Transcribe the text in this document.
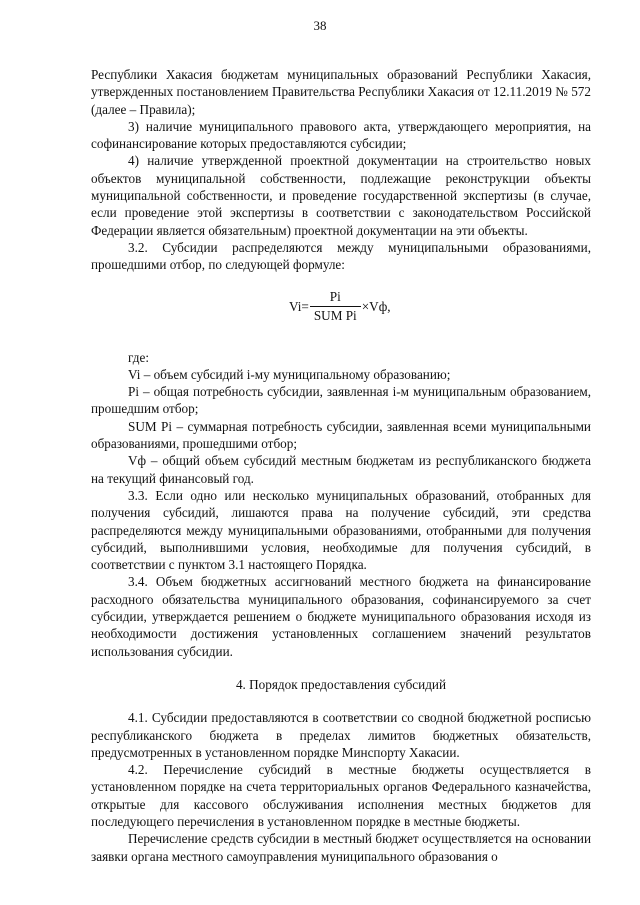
38

Республики Хакасия бюджетам муниципальных образований Республики Хакасия, утвержденных постановлением Правительства Республики Хакасия от 12.11.2019 № 572 (далее – Правила);

3) наличие муниципального правового акта, утверждающего мероприятия, на софинансирование которых предоставляются субсидии;

4) наличие утвержденной проектной документации на строительство новых объектов муниципальной собственности, подлежащие реконструкции объекты муниципальной собственности, и проведение государственной экспертизы (в случае, если проведение этой экспертизы в соответствии с законодательством Российской Федерации является обязательным) проектной документации на эти объекты.

3.2. Субсидии распределяются между муниципальными образованиями, прошедшими отбор, по следующей формуле:

$Vi= \frac{Pi}{\text{SUM Pi}} \times Vф$,

где:

Vi – объем субсидий i-му муниципальному образованию;

Pi – общая потребность субсидии, заявленная i-м муниципальным образованием, прошедшим отбор;

SUM Pi – суммарная потребность субсидии, заявленная всеми муниципальными образованиями, прошедшими отбор;

Vф – общий объем субсидий местным бюджетам из республиканского бюджета на текущий финансовый год.

3.3. Если одно или несколько муниципальных образований, отобранных для получения субсидий, лишаются права на получение субсидий, эти средства распределяются между муниципальными образованиями, отобранными для получения субсидий, выполнившими условия, необходимые для получения субсидий, в соответствии с пунктом 3.1 настоящего Порядка.

3.4. Объем бюджетных ассигнований местного бюджета на финансирование расходного обязательства муниципального образования, софинансируемого за счет субсидии, утверждается решением о бюджете муниципального образования исходя из необходимости достижения установленных соглашением значений результатов использования субсидии.

4. Порядок предоставления субсидий

4.1. Субсидии предоставляются в соответствии со сводной бюджетной росписью республиканского бюджета в пределах лимитов бюджетных обязательств, предусмотренных в установленном порядке Минспорту Хакасии.

4.2. Перечисление субсидий в местные бюджеты осуществляется в установленном порядке на счета территориальных органов Федерального казначейства, открытые для кассового обслуживания исполнения местных бюджетов для последующего перечисления в установленном порядке в местные бюджеты.

Перечисление средств субсидии в местный бюджет осуществляется на основании заявки органа местного самоуправления муниципального образования о
